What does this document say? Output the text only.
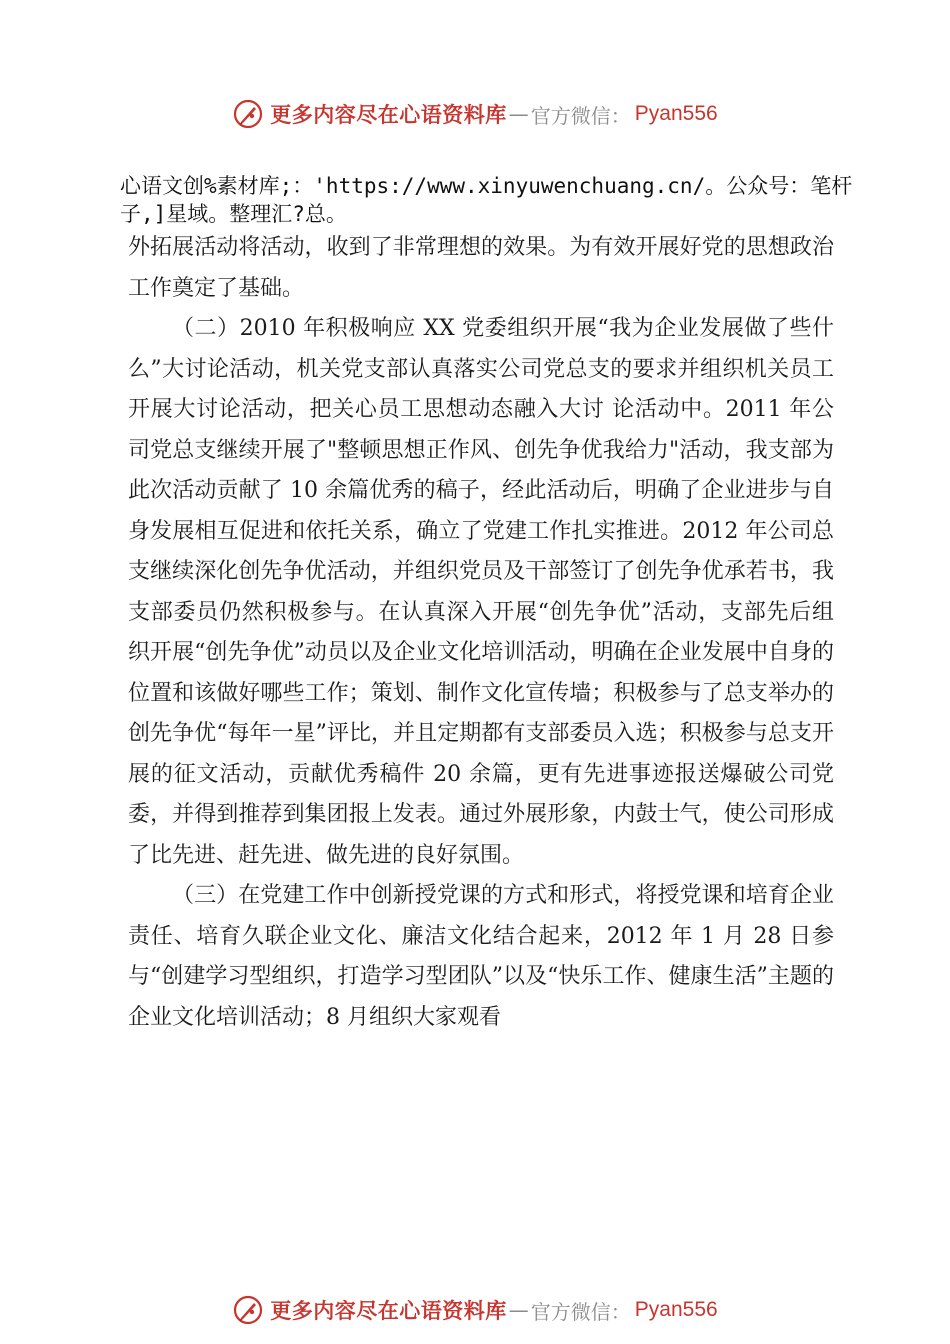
更多内容尽在心语资料库 — 官方微信： Pyan556
心语文创%素材库;：'https://www.xinyuwenchuang.cn/。公众号：笔杆子,]星域。整理汇?总。

外拓展活动将活动，收到了非常理想的效果。为有效开展好党的思想政治工作奠定了基础。

（二）2010 年积极响应 XX 党委组织开展“我为企业发展做了些什么”大讨论活动，机关党支部认真落实公司党总支的要求并组织机关员工开展大讨论活动，把关心员工思想动态融入大讨 论活动中。2011 年公司党总支继续开展了"整顿思想正作风、创先争优我给力"活动，我支部为此次活动贡献了 10 余篇优秀的稿子，经此活动后，明确了企业进步与自身发展相互促进和依托关系，确立了党建工作扎实推进。2012 年公司总支继续深化创先争优活动，并组织党员及干部签订了创先争优承若书，我支部委员仍然积极参与。在认真深入开展“创先争优”活动，支部先后组 织开展“创先争优”动员以及企业文化培训活动，明确在企业发展中自身的位置和该做好哪些工作；策划、制作文化宣传墙；积极参与了总支举办的创先争优“每年一星”评比，并且定期都有支部委员入选；积极参与总支开展的征文活动，贡献优秀稿件 20 余篇，更有先进事迹报送爆破公司党委，并得到推荐到集团报上发表。通过外展形象，内鼓士气，使公司形成了比先进、赶先进、做先进的良好氛围。

（三）在党建工作中创新授党课的方式和形式，将授党课和培育企业责任、培育久联企业文化、廉洁文化结合起来，2012 年 1 月 28 日参与“创建学习型组织，打造学习型团队”以及“快乐工作、健康生活”主题的企业文化培训活动；8 月组织大家观看

更多内容尽在心语资料库 — 官方微信： Pyan556
